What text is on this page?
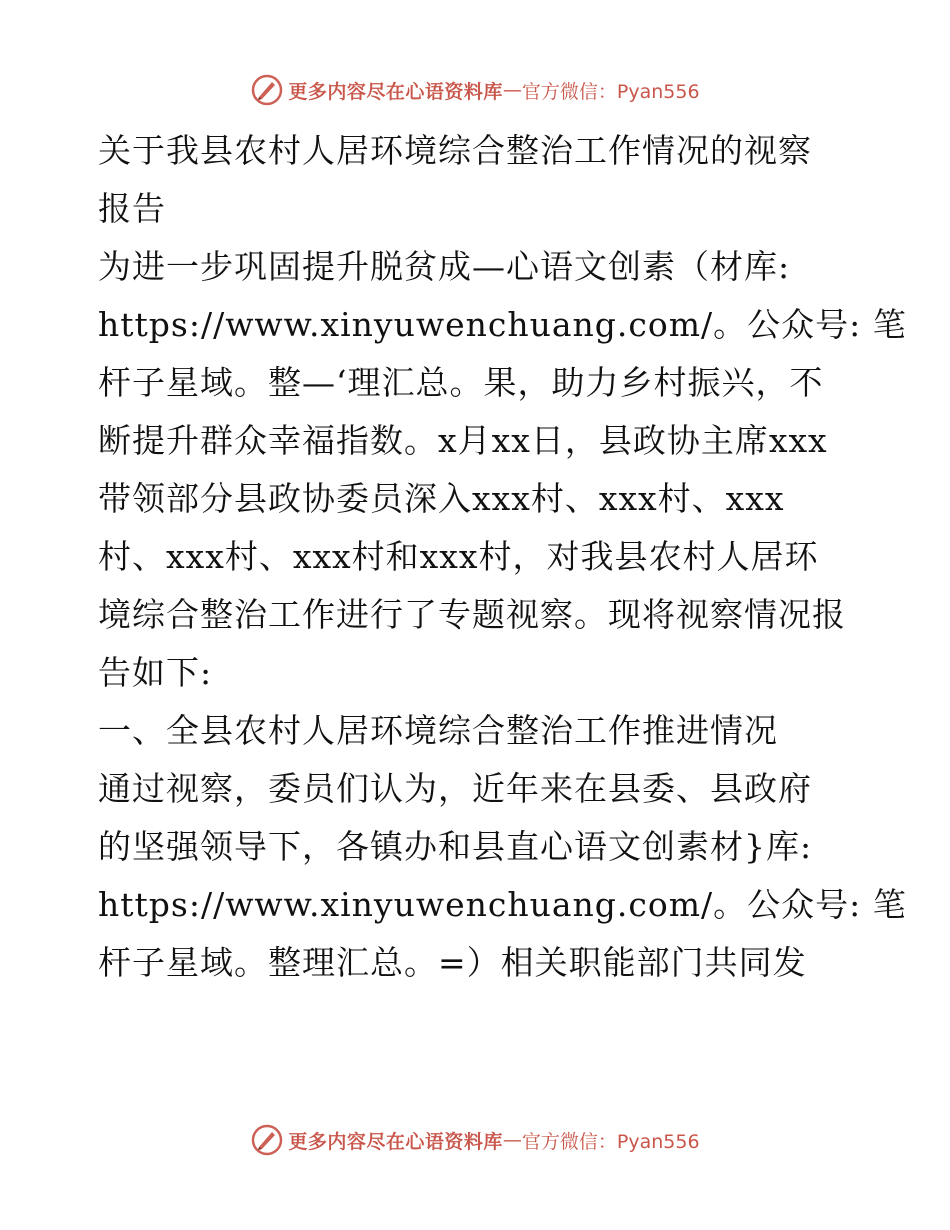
更多内容尽在心语资料库 — 官方微信：Pyan556
关于我县农村人居环境综合整治工作情况的视察
报告
为进一步巩固提升脱贫成—心语文创素（材库:
https://www.xinyuwenchuang.com/。公众号: 笔
杆子星域。整—‘理汇总。果，助力乡村振兴，不
断提升群众幸福指数。x月xx日，县政协主席xxx
带领部分县政协委员深入xxx村、xxx村、xxx
村、xxx村、xxx村和xxx村，对我县农村人居环
境综合整治工作进行了专题视察。现将视察情况报
告如下:
一、全县农村人居环境综合整治工作推进情况
通过视察，委员们认为，近年来在县委、县政府
的坚强领导下，各镇办和县直心语文创素材}库:
https://www.xinyuwenchuang.com/。公众号: 笔
杆子星域。整理汇总。=）相关职能部门共同发
更多内容尽在心语资料库 — 官方微信：Pyan556
